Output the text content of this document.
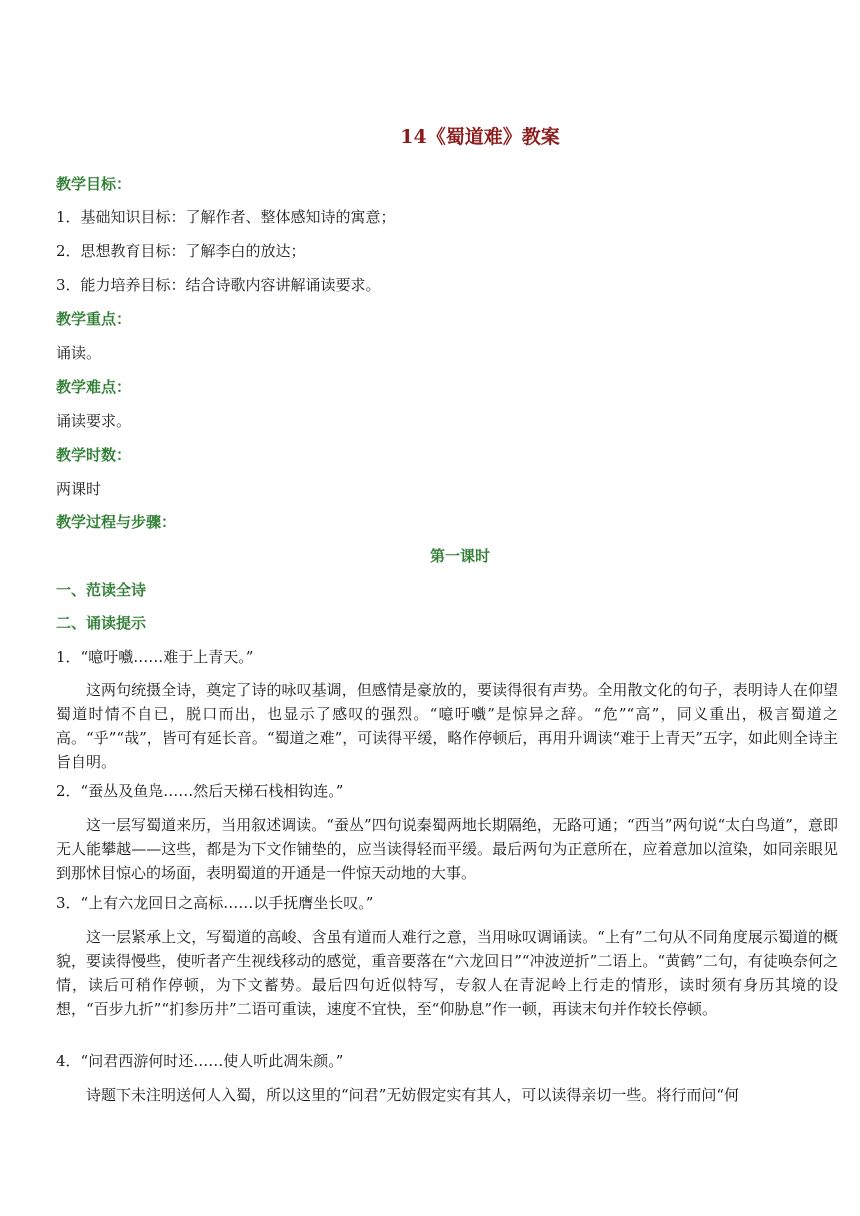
14《蜀道难》教案
教学目标：
1．基础知识目标：了解作者、整体感知诗的寓意；
2．思想教育目标：了解李白的放达；
3．能力培养目标：结合诗歌内容讲解诵读要求。
教学重点：
诵读。
教学难点：
诵读要求。
教学时数：
两课时
教学过程与步骤：
第一课时
一、范读全诗
二、诵读提示
1．“噫吁嚱……难于上青天。”
这两句统摄全诗，奠定了诗的咏叹基调，但感情是豪放的，要读得很有声势。全用散文化的句子，表明诗人在仰望蜀道时情不自已，脱口而出，也显示了感叹的强烈。“噫吁嚱”是惊异之辞。“危”“高”，同义重出，极言蜀道之高。“乎”“哉”，皆可有延长音。“蜀道之难”，可读得平缓，略作停顿后，再用升调读“难于上青天”五字，如此则全诗主旨自明。
2．“蚕丛及鱼凫……然后天梯石栈相钩连。”
这一层写蜀道来历，当用叙述调读。“蚕丛”四句说秦蜀两地长期隔绝，无路可通；“西当”两句说“太白鸟道”，意即无人能攀越——这些，都是为下文作铺垫的，应当读得轻而平缓。最后两句为正意所在，应着意加以渲染，如同亲眼见到那怵目惊心的场面，表明蜀道的开通是一件惊天动地的大事。
3．“上有六龙回日之高标……以手抚膺坐长叹。”
这一层紧承上文，写蜀道的高峻、含虽有道而人难行之意，当用咏叹调诵读。“上有”二句从不同角度展示蜀道的概貌，要读得慢些，使听者产生视线移动的感觉，重音要落在“六龙回日”“冲波逆折”二语上。“黄鹤”二句，有徒唤奈何之情，读后可稍作停顿，为下文蓄势。最后四句近似特写，专叙人在青泥岭上行走的情形，读时须有身历其境的设想，“百步九折”“扪参历井”二语可重读，速度不宜快，至“仰胁息”作一顿，再读末句并作较长停顿。
4．“问君西游何时还……使人听此凋朱颜。”
诗题下未注明送何人入蜀，所以这里的“问君”无妨假定实有其人，可以读得亲切一些。将行而问“何
